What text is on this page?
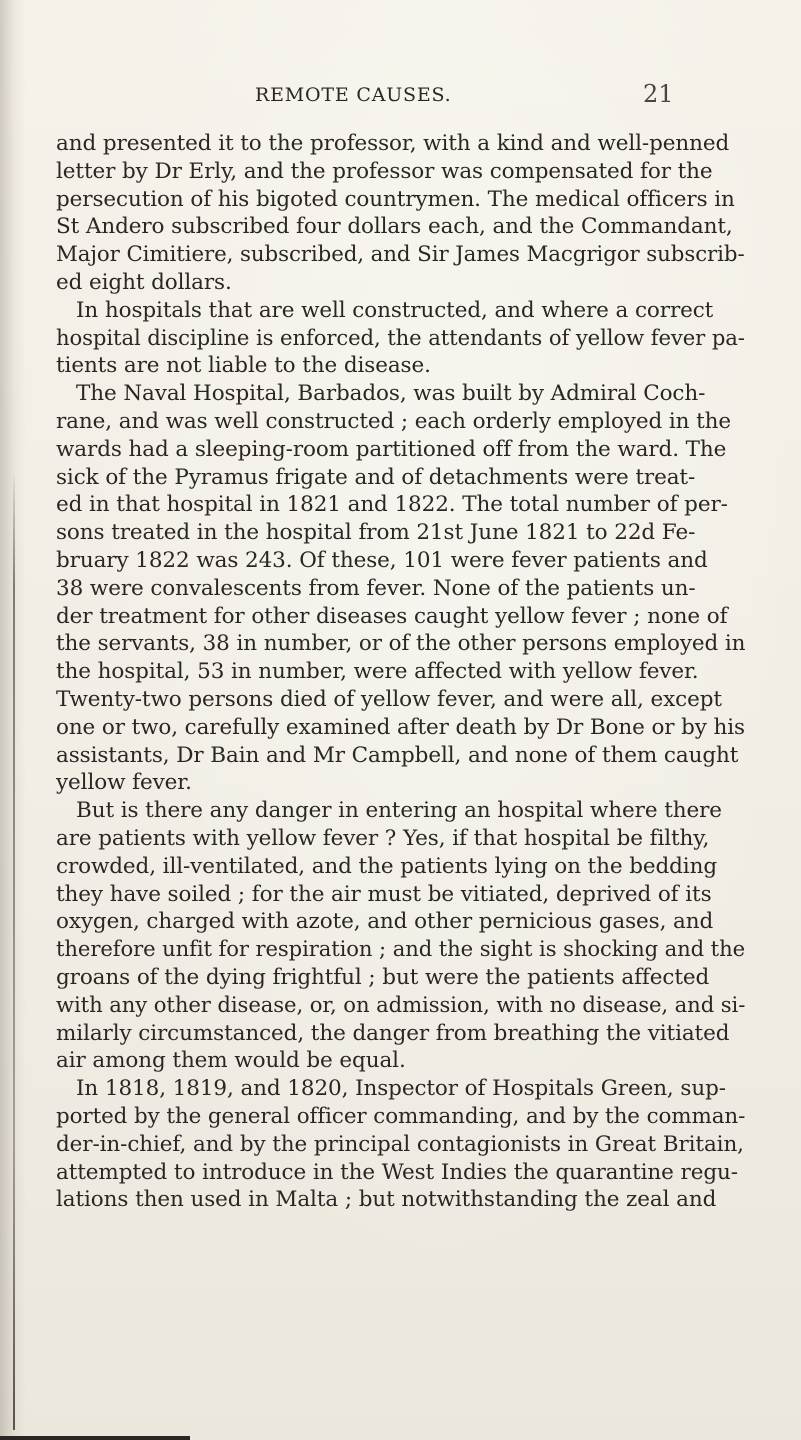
REMOTE CAUSES.	21
and presented it to the professor, with a kind and well-penned
letter by Dr Erly, and the professor was compensated for the
persecution of his bigoted countrymen. The medical officers in
St Andero subscribed four dollars each, and the Commandant,
Major Cimitiere, subscribed, and Sir James Macgrigor subscrib-
ed eight dollars.
In hospitals that are well constructed, and where a correct
hospital discipline is enforced, the attendants of yellow fever pa-
tients are not liable to the disease.
The Naval Hospital, Barbados, was built by Admiral Coch-
rane, and was well constructed ; each orderly employed in the
wards had a sleeping-room partitioned off from the ward. The
sick of the Pyramus frigate and of detachments were treat-
ed in that hospital in 1821 and 1822. The total number of per-
sons treated in the hospital from 21st June 1821 to 22d Fe-
bruary 1822 was 243. Of these, 101 were fever patients and
38 were convalescents from fever. None of the patients un-
der treatment for other diseases caught yellow fever ; none of
the servants, 38 in number, or of the other persons employed in
the hospital, 53 in number, were affected with yellow fever.
Twenty-two persons died of yellow fever, and were all, except
one or two, carefully examined after death by Dr Bone or by his
assistants, Dr Bain and Mr Campbell, and none of them caught
yellow fever.
But is there any danger in entering an hospital where there
are patients with yellow fever ? Yes, if that hospital be filthy,
crowded, ill-ventilated, and the patients lying on the bedding
they have soiled ; for the air must be vitiated, deprived of its
oxygen, charged with azote, and other pernicious gases, and
therefore unfit for respiration ; and the sight is shocking and the
groans of the dying frightful ; but were the patients affected
with any other disease, or, on admission, with no disease, and si-
milarly circumstanced, the danger from breathing the vitiated
air among them would be equal.
In 1818, 1819, and 1820, Inspector of Hospitals Green, sup-
ported by the general officer commanding, and by the comman-
der-in-chief, and by the principal contagionists in Great Britain,
attempted to introduce in the West Indies the quarantine regu-
lations then used in Malta ; but notwithstanding the zeal and
